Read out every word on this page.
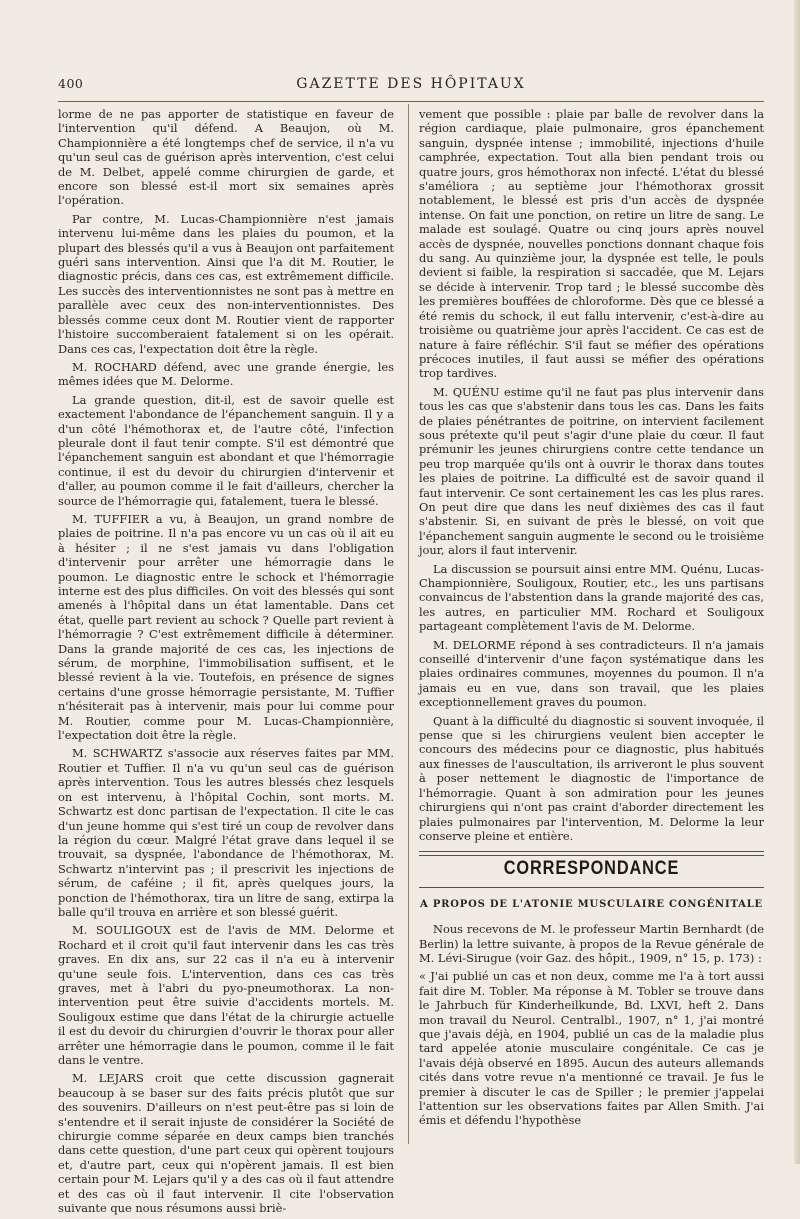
400	GAZETTE DES HÔPITAUX

lorme de ne pas apporter de statistique en faveur de l'intervention qu'il défend. A Beaujon, où M. Championnière a été longtemps chef de service, il n'a vu qu'un seul cas de guérison après intervention, c'est celui de M. Delbet, appelé comme chirurgien de garde, et encore son blessé est-il mort six semaines après l'opération.

Par contre, M. Lucas-Championnière n'est jamais intervenu lui-même dans les plaies du poumon, et la plupart des blessés qu'il a vus à Beaujon ont parfaitement guéri sans intervention. Ainsi que l'a dit M. Routier, le diagnostic précis, dans ces cas, est extrêmement difficile. Les succès des interventionnistes ne sont pas à mettre en parallèle avec ceux des non-interventionnistes. Des blessés comme ceux dont M. Routier vient de rapporter l'histoire succomberaient fatalement si on les opérait. Dans ces cas, l'expectation doit être la règle.

M. ROCHARD défend, avec une grande énergie, les mêmes idées que M. Delorme.

La grande question, dit-il, est de savoir quelle est exactement l'abondance de l'épanchement sanguin. Il y a d'un côté l'hémothorax et, de l'autre côté, l'infection pleurale dont il faut tenir compte. S'il est démontré que l'épanchement sanguin est abondant et que l'hémorragie continue, il est du devoir du chirurgien d'intervenir et d'aller, au poumon comme il le fait d'ailleurs, chercher la source de l'hémorragie qui, fatalement, tuera le blessé.

M. TUFFIER a vu, à Beaujon, un grand nombre de plaies de poitrine. Il n'a pas encore vu un cas où il ait eu à hésiter ; il ne s'est jamais vu dans l'obligation d'intervenir pour arrêter une hémorragie dans le poumon. Le diagnostic entre le schock et l'hémorragie interne est des plus difficiles. On voit des blessés qui sont amenés à l'hôpital dans un état lamentable. Dans cet état, quelle part revient au schock ? Quelle part revient à l'hémorragie ? C'est extrêmement difficile à déterminer. Dans la grande majorité de ces cas, les injections de sérum, de morphine, l'immobilisation suffisent, et le blessé revient à la vie. Toutefois, en présence de signes certains d'une grosse hémorragie persistante, M. Tuffier n'hésiterait pas à intervenir, mais pour lui comme pour M. Routier, comme pour M. Lucas-Championnière, l'expectation doit être la règle.

M. SCHWARTZ s'associe aux réserves faites par MM. Routier et Tuffier. Il n'a vu qu'un seul cas de guérison après intervention. Tous les autres blessés chez lesquels on est intervenu, à l'hôpital Cochin, sont morts. M. Schwartz est donc partisan de l'expectation. Il cite le cas d'un jeune homme qui s'est tiré un coup de revolver dans la région du cœur. Malgré l'état grave dans lequel il se trouvait, sa dyspnée, l'abondance de l'hémothorax, M. Schwartz n'intervint pas ; il prescrivit les injections de sérum, de caféine ; il fit, après quelques jours, la ponction de l'hémothorax, tira un litre de sang, extirpa la balle qu'il trouva en arrière et son blessé guérit.

M. SOULIGOUX est de l'avis de MM. Delorme et Rochard et il croit qu'il faut intervenir dans les cas très graves. En dix ans, sur 22 cas il n'a eu à intervenir qu'une seule fois. L'intervention, dans ces cas très graves, met à l'abri du pyo-pneumothorax. La non-intervention peut être suivie d'accidents mortels. M. Souligoux estime que dans l'état de la chirurgie actuelle il est du devoir du chirurgien d'ouvrir le thorax pour aller arrêter une hémorragie dans le poumon, comme il le fait dans le ventre.

M. LEJARS croit que cette discussion gagnerait beaucoup à se baser sur des faits précis plutôt que sur des souvenirs. D'ailleurs on n'est peut-être pas si loin de s'entendre et il serait injuste de considérer la Société de chirurgie comme séparée en deux camps bien tranchés dans cette question, d'une part ceux qui opèrent toujours et, d'autre part, ceux qui n'opèrent jamais. Il est bien certain pour M. Lejars qu'il y a des cas où il faut attendre et des cas où il faut intervenir. Il cite l'observation suivante que nous résumons aussi briè-

vement que possible : plaie par balle de revolver dans la région cardiaque, plaie pulmonaire, gros épanchement sanguin, dyspnée intense ; immobilité, injections d'huile camphrée, expectation. Tout alla bien pendant trois ou quatre jours, gros hémothorax non infecté. L'état du blessé s'améliora ; au septième jour l'hémothorax grossit notablement, le blessé est pris d'un accès de dyspnée intense. On fait une ponction, on retire un litre de sang. Le malade est soulagé. Quatre ou cinq jours après nouvel accès de dyspnée, nouvelles ponctions donnant chaque fois du sang. Au quinzième jour, la dyspnée est telle, le pouls devient si faible, la respiration si saccadée, que M. Lejars se décide à intervenir. Trop tard ; le blessé succombe dès les premières bouffées de chloroforme. Dès que ce blessé a été remis du schock, il eut fallu intervenir, c'est-à-dire au troisième ou quatrième jour après l'accident. Ce cas est de nature à faire réfléchir. S'il faut se méfier des opérations précoces inutiles, il faut aussi se méfier des opérations trop tardives.

M. QUÉNU estime qu'il ne faut pas plus intervenir dans tous les cas que s'abstenir dans tous les cas. Dans les faits de plaies pénétrantes de poitrine, on intervient facilement sous prétexte qu'il peut s'agir d'une plaie du cœur. Il faut prémunir les jeunes chirurgiens contre cette tendance un peu trop marquée qu'ils ont à ouvrir le thorax dans toutes les plaies de poitrine. La difficulté est de savoir quand il faut intervenir. Ce sont certainement les cas les plus rares. On peut dire que dans les neuf dixièmes des cas il faut s'abstenir. Si, en suivant de près le blessé, on voit que l'épanchement sanguin augmente le second ou le troisième jour, alors il faut intervenir.

La discussion se poursuit ainsi entre MM. Quénu, Lucas-Championnière, Souligoux, Routier, etc., les uns partisans convaincus de l'abstention dans la grande majorité des cas, les autres, en particulier MM. Rochard et Souligoux partageant complètement l'avis de M. Delorme.

M. DELORME répond à ses contradicteurs. Il n'a jamais conseillé d'intervenir d'une façon systématique dans les plaies ordinaires communes, moyennes du poumon. Il n'a jamais eu en vue, dans son travail, que les plaies exceptionnellement graves du poumon.

Quant à la difficulté du diagnostic si souvent invoquée, il pense que si les chirurgiens veulent bien accepter le concours des médecins pour ce diagnostic, plus habitués aux finesses de l'auscultation, ils arriveront le plus souvent à poser nettement le diagnostic de l'importance de l'hémorragie. Quant à son admiration pour les jeunes chirurgiens qui n'ont pas craint d'aborder directement les plaies pulmonaires par l'intervention, M. Delorme la leur conserve pleine et entière.

CORRESPONDANCE
A PROPOS DE L'ATONIE MUSCULAIRE CONGÉNITALE

Nous recevons de M. le professeur Martin Bernhardt (de Berlin) la lettre suivante, à propos de la Revue générale de M. Lévi-Sirugue (voir Gaz. des hôpit., 1909, n° 15, p. 173) :

« J'ai publié un cas et non deux, comme me l'a à tort aussi fait dire M. Tobler. Ma réponse à M. Tobler se trouve dans le Jahrbuch für Kinderheilkunde, Bd. LXVI, heft 2. Dans mon travail du Neurol. Centralbl., 1907, n° 1, j'ai montré que j'avais déjà, en 1904, publié un cas de la maladie plus tard appelée atonie musculaire congénitale. Ce cas je l'avais déjà observé en 1895. Aucun des auteurs allemands cités dans votre revue n'a mentionné ce travail. Je fus le premier à discuter le cas de Spiller ; le premier j'appelai l'attention sur les observations faites par Allen Smith. J'ai émis et défendu l'hypothèse
